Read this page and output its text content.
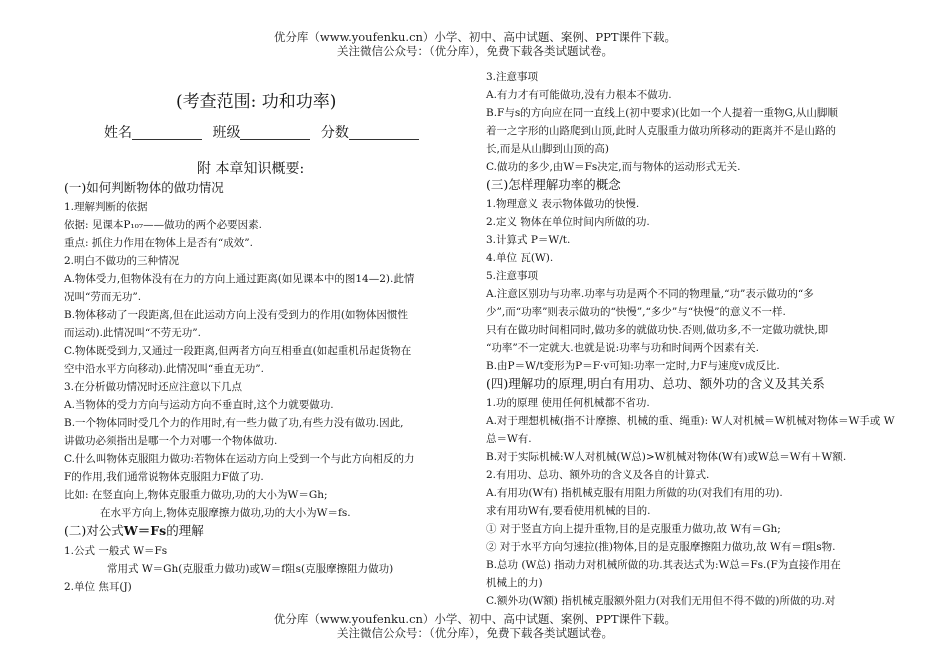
优分库（www.youfenku.cn）小学、初中、高中试题、案例、PPT课件下载。
关注微信公众号：（优分库），免费下载各类试题试卷。
(考查范围: 功和功率)
姓名	班级	分数
附 本章知识概要:
(一)如何判断物体的做功情况
1.理解判断的依据
依据: 见课本P₁₀₇——做功的两个必要因素.
重点: 抓住力作用在物体上是否有“成效”.
2.明白不做功的三种情况
A.物体受力,但物体没有在力的方向上通过距离(如见课本中的图14—2).此情
况叫“劳而无功”.
B.物体移动了一段距离,但在此运动方向上没有受到力的作用(如物体因惯性
而运动).此情况叫“不劳无功”.
C.物体既受到力,又通过一段距离,但两者方向互相垂直(如起重机吊起货物在
空中沿水平方向移动).此情况叫“垂直无功”.
3.在分析做功情况时还应注意以下几点
A.当物体的受力方向与运动方向不垂直时,这个力就要做功.
B.一个物体同时受几个力的作用时,有一些力做了功,有些力没有做功.因此,
讲做功必须指出是哪一个力对哪一个物体做功.
C.什么叫物体克服阻力做功:若物体在运动方向上受到一个与此方向相反的力
F的作用,我们通常说物体克服阻力F做了功.
比如: 在竖直向上,物体克服重力做功,功的大小为W＝Gh;
在水平方向上,物体克服摩擦力做功,功的大小为W＝fs.
(二)对公式W＝Fs的理解
1.公式 一般式 W＝Fs
常用式 W＝Gh(克服重力做功)或W＝f阻s(克服摩擦阻力做功)
2.单位 焦耳(J)
3.注意事项
A.有力才有可能做功,没有力根本不做功.
B.F与s的方向应在同一直线上(初中要求)(比如一个人提着一重物G,从山脚顺
着一之字形的山路爬到山顶,此时人克服重力做功所移动的距离并不是山路的
长,而是从山脚到山顶的高)
C.做功的多少,由W＝Fs决定,而与物体的运动形式无关.
(三)怎样理解功率的概念
1.物理意义 表示物体做功的快慢.
2.定义 物体在单位时间内所做的功.
3.计算式 P＝W/t.
4.单位 瓦(W).
5.注意事项
A.注意区别功与功率.功率与功是两个不同的物理量,“功”表示做功的“多
少”,而“功率”则表示做功的“快慢”,“多少”与“快慢”的意义不一样.
只有在做功时间相同时,做功多的就做功快.否则,做功多,不一定做功就快,即
“功率”不一定就大.也就是说:功率与功和时间两个因素有关.
B.由P＝W/t变形为P＝F·v可知:功率一定时,力F与速度v成反比.
(四)理解功的原理,明白有用功、总功、额外功的含义及其关系
1.功的原理 使用任何机械都不省功.
A.对于理想机械(指不计摩擦、机械的重、绳重): W人对机械＝W机械对物体＝W手或 W
总＝W有.
B.对于实际机械:W人对机械(W总)>W机械对物体(W有)或W总＝W有＋W额.
2.有用功、总功、额外功的含义及各自的计算式.
A.有用功(W有) 指机械克服有用阻力所做的功(对我们有用的功).
求有用功W有,要看使用机械的目的.
① 对于竖直方向上提升重物,目的是克服重力做功,故 W有＝Gh;
② 对于水平方向匀速拉(推)物体,目的是克服摩擦阻力做功,故 W有＝f阻s物.
B.总功 (W总) 指动力对机械所做的功.其表达式为:W总＝Fs.(F为直接作用在
机械上的力)
C.额外功(W额) 指机械克服额外阻力(对我们无用但不得不做的)所做的功.对
优分库（www.youfenku.cn）小学、初中、高中试题、案例、PPT课件下载。
关注微信公众号：（优分库），免费下载各类试题试卷。
